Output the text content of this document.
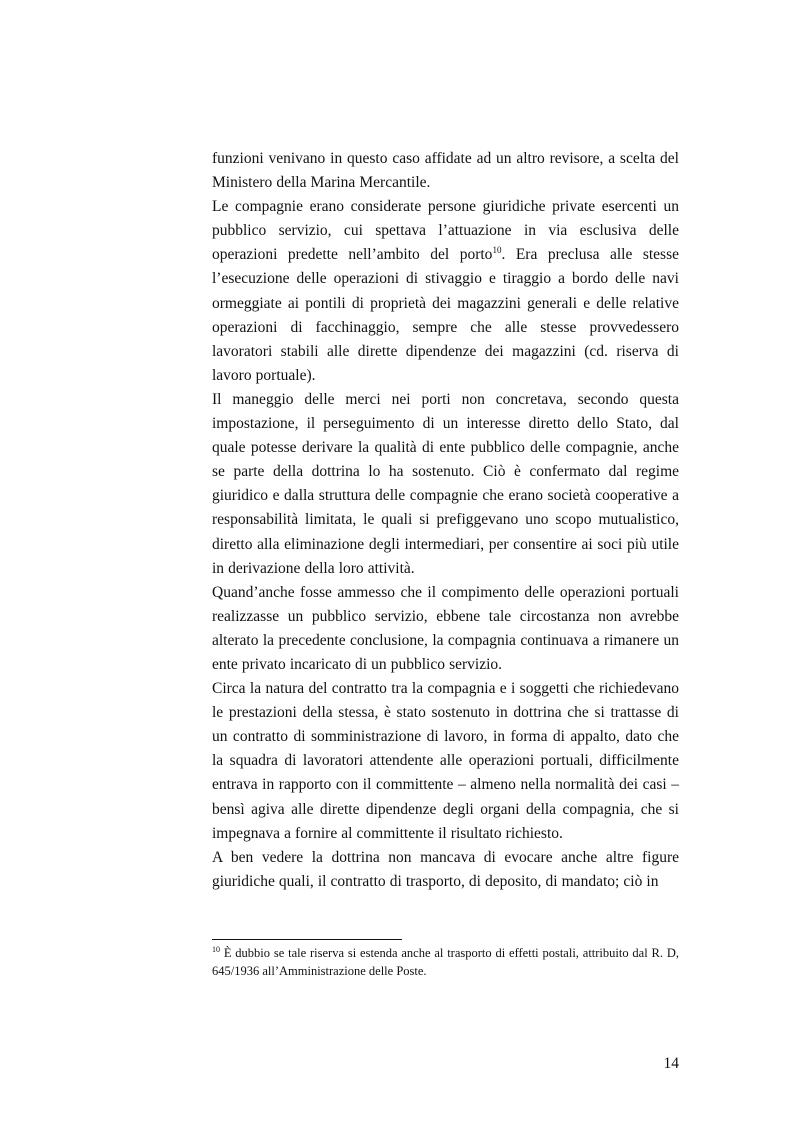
funzioni venivano in questo caso affidate ad un altro revisore, a scelta del Ministero della Marina Mercantile.

Le compagnie erano considerate persone giuridiche private esercenti un pubblico servizio, cui spettava l’attuazione in via esclusiva delle operazioni predette nell’ambito del porto$^{10}$. Era preclusa alle stesse l’esecuzione delle operazioni di stivaggio e tiraggio a bordo delle navi ormeggiate ai pontili di proprietà dei magazzini generali e delle relative operazioni di facchinaggio, sempre che alle stesse provvedessero lavoratori stabili alle dirette dipendenze dei magazzini (cd. riserva di lavoro portuale).

Il maneggio delle merci nei porti non concretava, secondo questa impostazione, il perseguimento di un interesse diretto dello Stato, dal quale potesse derivare la qualità di ente pubblico delle compagnie, anche se parte della dottrina lo ha sostenuto. Ciò è confermato dal regime giuridico e dalla struttura delle compagnie che erano società cooperative a responsabilità limitata, le quali si prefiggevano uno scopo mutualistico, diretto alla eliminazione degli intermediari, per consentire ai soci più utile in derivazione della loro attività.

Quand’anche fosse ammesso che il compimento delle operazioni portuali realizzasse un pubblico servizio, ebbene tale circostanza non avrebbe alterato la precedente conclusione, la compagnia continuava a rimanere un ente privato incaricato di un pubblico servizio.

Circa la natura del contratto tra la compagnia e i soggetti che richiedevano le prestazioni della stessa, è stato sostenuto in dottrina che si trattasse di un contratto di somministrazione di lavoro, in forma di appalto, dato che la squadra di lavoratori attendente alle operazioni portuali, difficilmente entrava in rapporto con il committente – almeno nella normalità dei casi – bensì agiva alle dirette dipendenze degli organi della compagnia, che si impegnava a fornire al committente il risultato richiesto.

A ben vedere la dottrina non mancava di evocare anche altre figure giuridiche quali, il contratto di trasporto, di deposito, di mandato; ciò in

$^{10}$ È dubbio se tale riserva si estenda anche al trasporto di effetti postali, attribuito dal R. D, 645/1936 all’Amministrazione delle Poste.

14
